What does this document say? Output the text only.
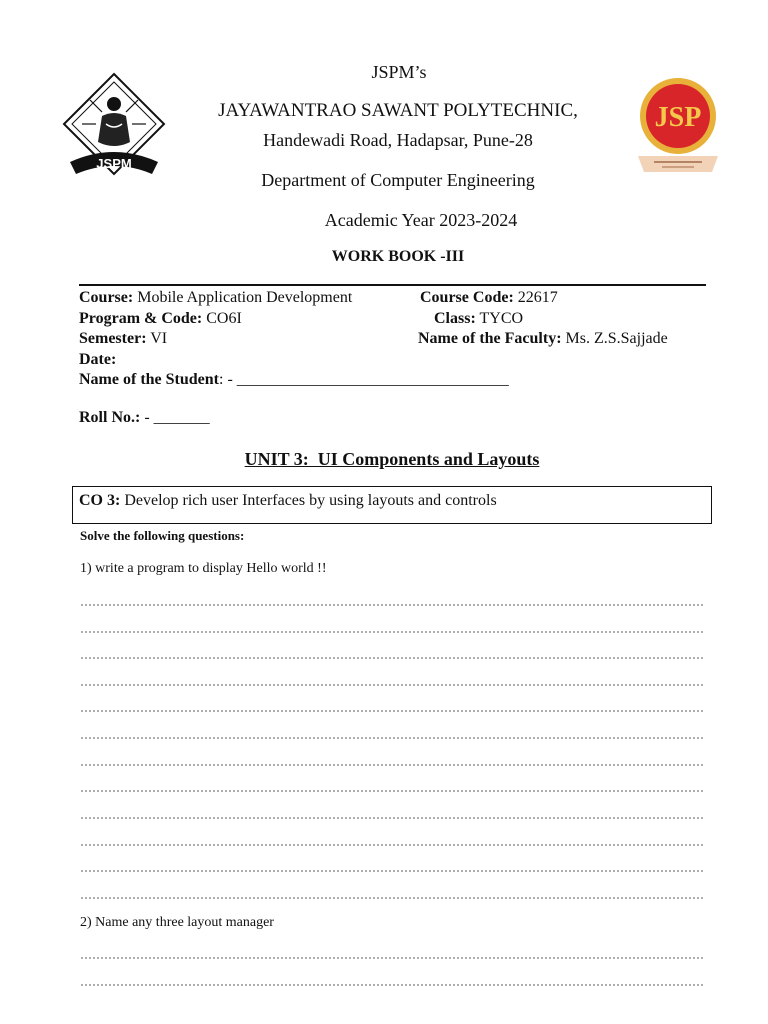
JSPM
JSP
JSPM’s
JAYAWANTRAO SAWANT POLYTECHNIC,
Handewadi Road, Hadapsar, Pune-28
Department of Computer Engineering
Academic Year 2023-2024
WORK BOOK -III
Course: Mobile Application Development	Course Code: 22617
Program & Code: CO6I	Class: TYCO
Semester: VI	Name of the Faculty: Ms. Z.S.Sajjade
Date:
Name of the Student: - __________________________________
Roll No.: - _______
UNIT 3:  UI Components and Layouts
CO 3: Develop rich user Interfaces by using layouts and controls
Solve the following questions:
1) write a program to display Hello world !!
2) Name any three layout manager
